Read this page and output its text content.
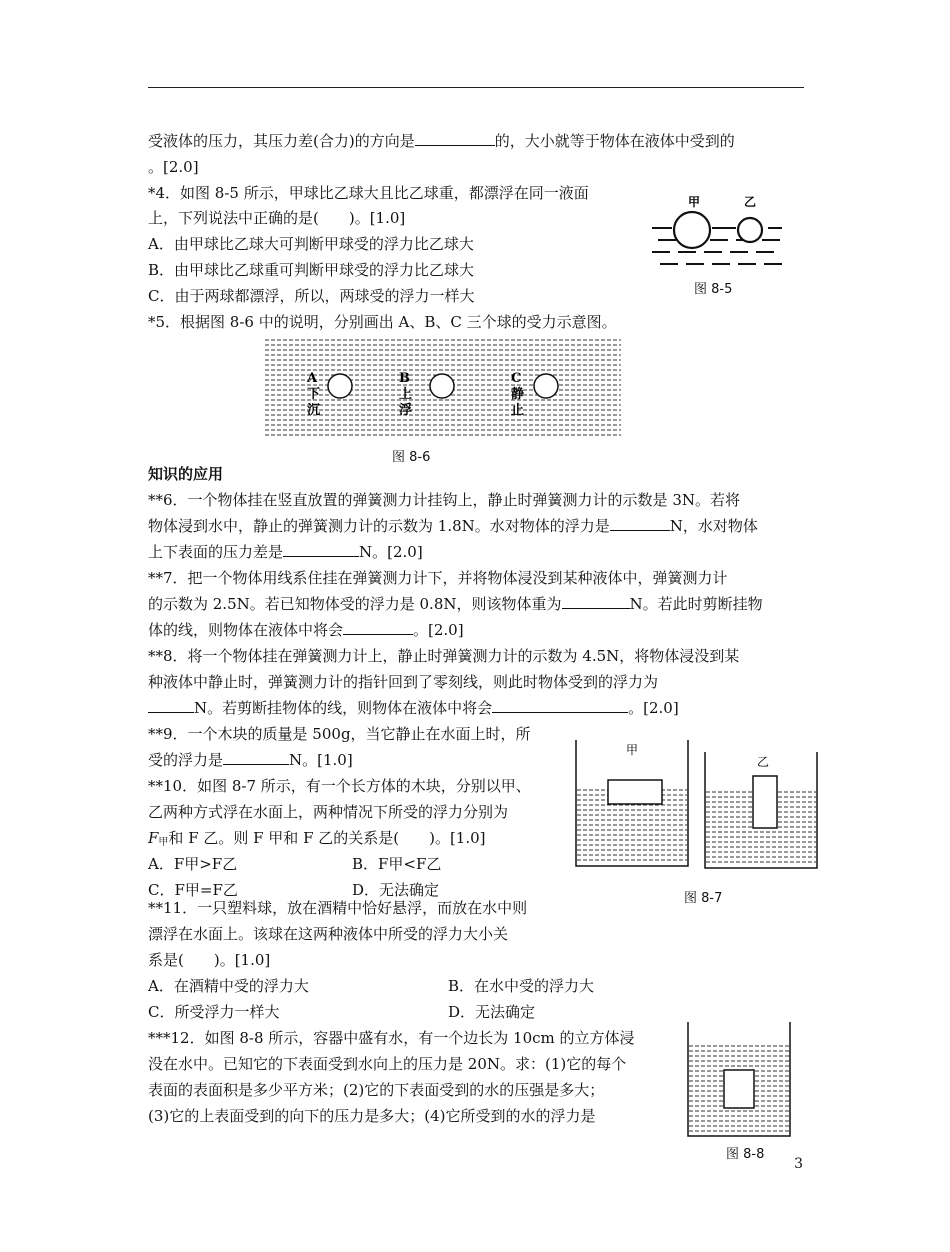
受液体的压力，其压力差(合力)的方向是	的，大小就等于物体在液体中受到的
。[2.0]
*4．如图 8-5 所示，甲球比乙球大且比乙球重，都漂浮在同一液面
上，下列说法中正确的是(　　)。[1.0]
A．由甲球比乙球大可判断甲球受的浮力比乙球大
B．由甲球比乙球重可判断甲球受的浮力比乙球大
C．由于两球都漂浮，所以，两球受的浮力一样大
*5．根据图 8-6 中的说明，分别画出 A、B、C 三个球的受力示意图。
甲	乙
图 8-5
A
下
沉
B
上
浮
C
静
止
图 8-6
知识的应用
**6．一个物体挂在竖直放置的弹簧测力计挂钩上，静止时弹簧测力计的示数是 3N。若将
物体浸到水中，静止的弹簧测力计的示数为 1.8N。水对物体的浮力是	N，水对物体
上下表面的压力差是	N。[2.0]
**7．把一个物体用线系住挂在弹簧测力计下，并将物体浸没到某种液体中，弹簧测力计
的示数为 2.5N。若已知物体受的浮力是 0.8N，则该物体重为	N。若此时剪断挂物
体的线，则物体在液体中将会	。[2.0]
**8．将一个物体挂在弹簧测力计上，静止时弹簧测力计的示数为 4.5N，将物体浸没到某
种液体中静止时，弹簧测力计的指针回到了零刻线，则此时物体受到的浮力为
N。若剪断挂物体的线，则物体在液体中将会	。[2.0]
**9．一个木块的质量是 500g，当它静止在水面上时，所
受的浮力是	N。[1.0]
**10．如图 8-7 所示，有一个长方体的木块，分别以甲、
乙两种方式浮在水面上，两种情况下所受的浮力分别为
$F_甲$和 F 乙。则 F 甲和 F 乙的关系是(　　)。[1.0]
A．F甲>F乙	B．F甲<F乙
C．F甲=F乙	D．无法确定
甲
乙
图 8-7
**11．一只塑料球，放在酒精中恰好悬浮，而放在水中则
漂浮在水面上。该球在这两种液体中所受的浮力大小关
系是(　　)。[1.0]
A．在酒精中受的浮力大	B．在水中受的浮力大
C．所受浮力一样大	D．无法确定
***12．如图 8-8 所示，容器中盛有水，有一个边长为 10cm 的立方体浸
没在水中。已知它的下表面受到水向上的压力是 20N。求：(1)它的每个
表面的表面积是多少平方米；(2)它的下表面受到的水的压强是多大；
(3)它的上表面受到的向下的压力是多大；(4)它所受到的水的浮力是
图 8-8
3
